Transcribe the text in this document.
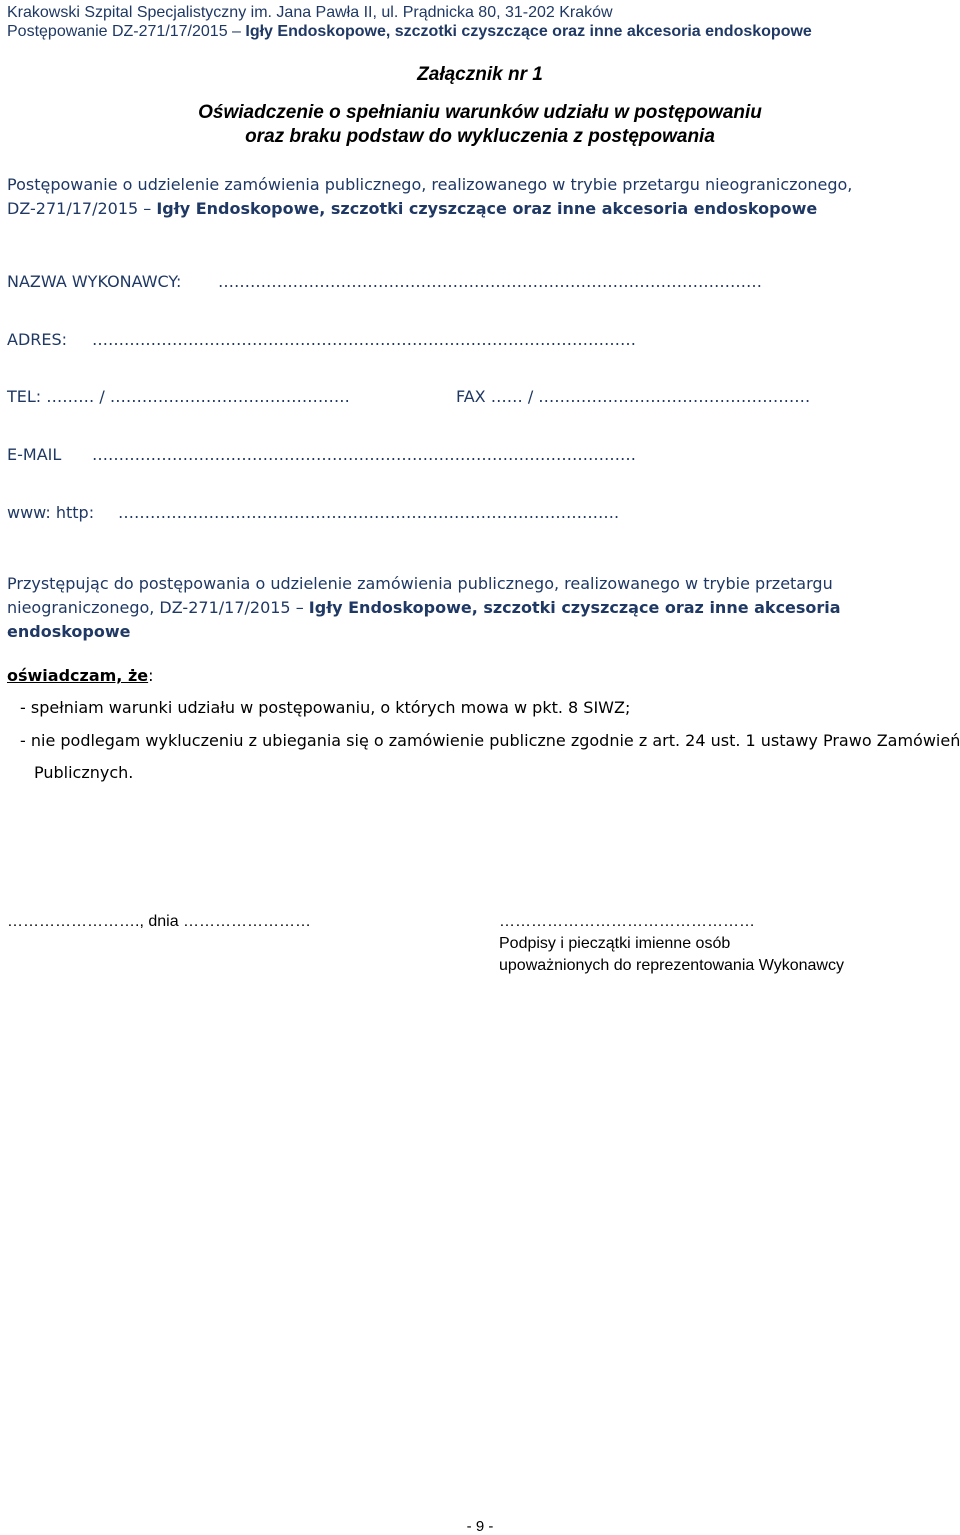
Krakowski Szpital Specjalistyczny im. Jana Pawła II, ul. Prądnicka 80, 31-202 Kraków
Postępowanie DZ-271/17/2015 – Igły Endoskopowe, szczotki czyszczące oraz inne akcesoria endoskopowe
Załącznik nr 1
Oświadczenie o spełnianiu warunków udziału w postępowaniu
oraz braku podstaw do wykluczenia z postępowania
Postępowanie o udzielenie zamówienia publicznego, realizowanego w trybie przetargu nieograniczonego,
DZ-271/17/2015 – Igły Endoskopowe, szczotki czyszczące oraz inne akcesoria endoskopowe
NAZWA WYKONAWCY: …………………………………………………………………………………………
ADRES: …………………………………………………………………………………………
TEL: ……… / ………………………………………	FAX …… / ……………………………………………
E-MAIL …………………………………………………………………………………………
www: http: ………………………………………………………………………………….
Przystępując do postępowania o udzielenie zamówienia publicznego, realizowanego w trybie przetargu
nieograniczonego, DZ-271/17/2015 – Igły Endoskopowe, szczotki czyszczące oraz inne akcesoria
endoskopowe
oświadczam, że:
- spełniam warunki udziału w postępowaniu, o których mowa w pkt. 8 SIWZ;
- nie podlegam wykluczeniu z ubiegania się o zamówienie publiczne zgodnie z art. 24 ust. 1 ustawy Prawo Zamówień
Publicznych.
……………………., dnia ……………………	…………………………………………
Podpisy i pieczątki imienne osób
upoważnionych do reprezentowania Wykonawcy
- 9 -
